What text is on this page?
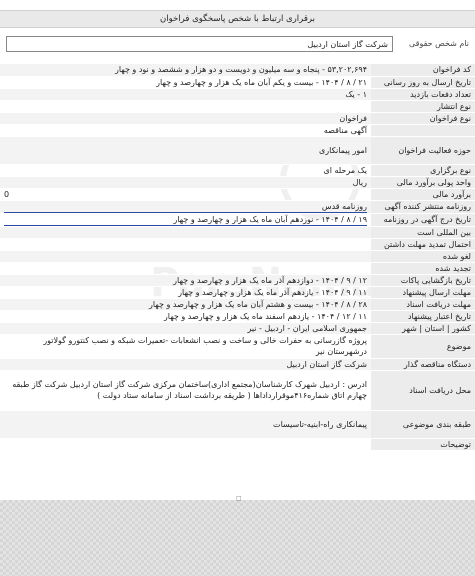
برقراری ارتباط با شخص پاسخگوی فراخوان
نام شخص حقوقی
شرکت گاز استان اردبیل
کد فراخوان	۵۳,۲۰۲,۶۹۴ - پنجاه و سه میلیون و دویست و دو هزار و ششصد و نود و چهار

تاریخ ارسال به روز رسانی	۲۱ / ۸ / ۱۴۰۴ - بیست و یکم آبان ماه یک هزار و چهارصد و چهار

تعداد دفعات بازدید	۱ - یک

نوع انتشار	

نوع فراخوان	فراخوان

	آگهی مناقصه

حوزه فعالیت فراخوان	امور پیمانکاری

نوع برگزاری	یک مرحله ای

واحد پولی برآورد مالی	ریال

برآورد مالی	0

روزنامه منتشر کننده آگهی	روزنامه قدس

تاریخ درج آگهی در روزنامه	۱۹ / ۸ / ۱۴۰۴ - نوزدهم آبان ماه یک هزار و چهارصد و چهار

بین المللی است	

احتمال تمدید مهلت داشتن	

لغو شده	

تجدید شده	

تاریخ بازگشایی پاکات	۱۲ / ۹ / ۱۴۰۴ - دوازدهم آذر ماه یک هزار و چهارصد و چهار

مهلت ارسال پیشنهاد	۱۱ / ۹ / ۱۴۰۴ - یازدهم آذر ماه یک هزار و چهارصد و چهار

مهلت دریافت اسناد	۲۸ / ۸ / ۱۴۰۴ - بیست و هشتم آبان ماه یک هزار و چهارصد و چهار

تاریخ اعتبار پیشنهاد	۱۱ / ۱۲ / ۱۴۰۴ - یازدهم اسفند ماه یک هزار و چهارصد و چهار

کشور | استان | شهر	جمهوری اسلامی ایران - اردبیل - نیر

موضوع	پروژه گازرسانی به حفرات خالی و ساخت و نصب انشعابات -تعمیرات شبکه و نصب کنتورو گولاتور درشهرستان نیر

دستگاه مناقصه گذار	شرکت گاز استان اردبیل

محل دریافت اسناد	ادرس : اردبیل شهرک کارشناسان(مجتمع اداری)ساختمان مرکزی شرکت گاز استان اردبیل شرکت گاز طبقه چهارم اتاق شماره۴۱۶موقرارداداها ( طریقه برداشت اسناد از سامانه ستاد دولت )

طبقه بندی موضوعی	پیمانکاری راه-ابنیه-تاسیسات

توضیحات	
□
